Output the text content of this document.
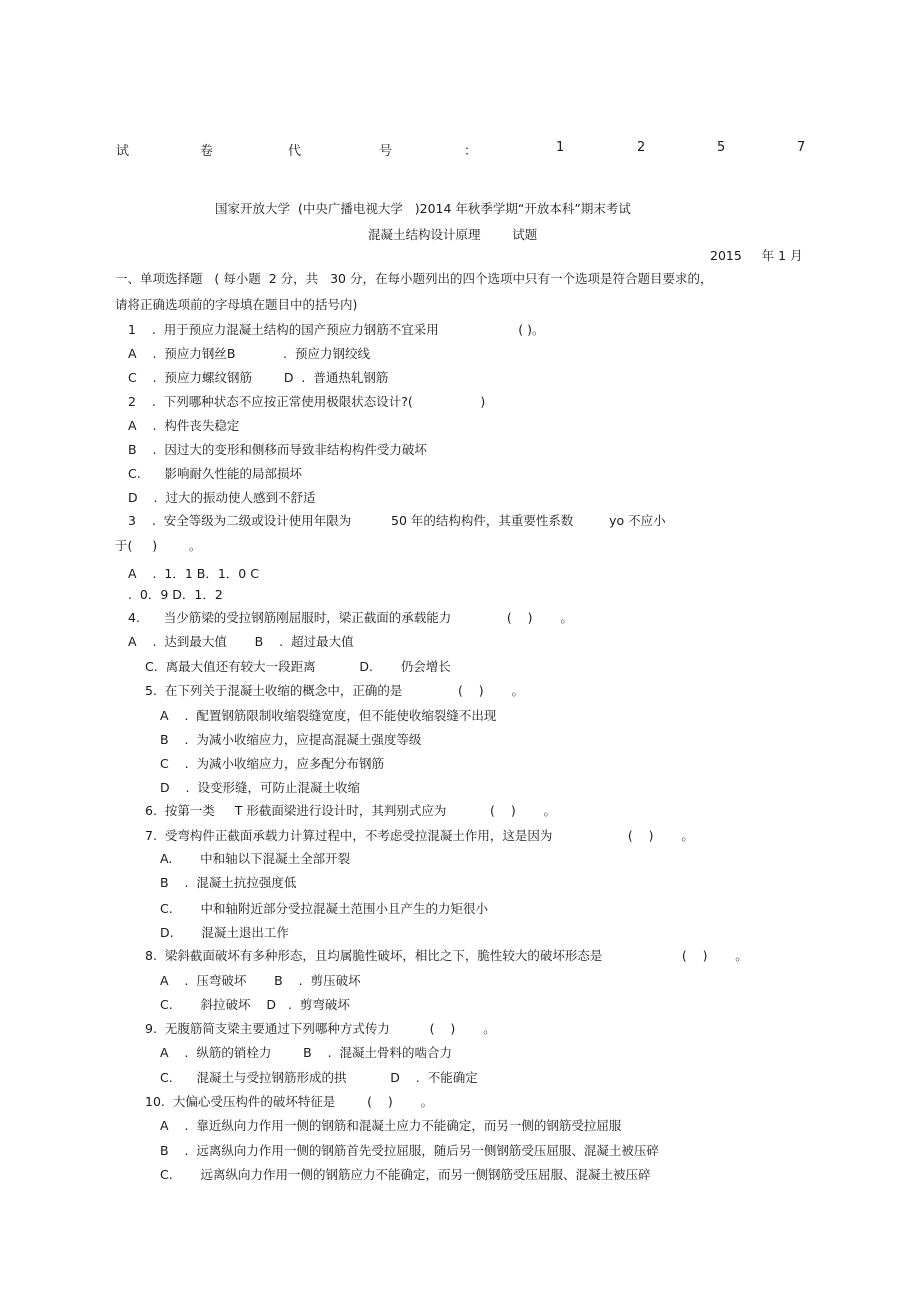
试	卷	代	号	：	1	2	5	7
国家开放大学  (中央广播电视大学   )2014 年秋季学期“开放本科”期末考试
混凝土结构设计原理        试题
2015     年 1 月
一、单项选择题   ( 每小题  2 分，共   30 分，在每小题列出的四个选项中只有一个选项是符合题目要求的，
请将正确选项前的字母填在题目中的括号内)
1    .  用于预应力混凝土结构的国产预应力钢筋不宜采用                    ( )。
A    .  预应力钢丝B            .  预应力钢绞线
C    .  预应力螺纹钢筋        D  .  普通热轧钢筋
2    .  下列哪种状态不应按正常使用极限状态设计?(                 )
A    .  构件丧失稳定
B    .  因过大的变形和侧移而导致非结构构件受力破坏
C.      影响耐久性能的局部损坏
D    .  过大的振动使人感到不舒适
3    .  安全等级为二级或设计使用年限为          50 年的结构构件，其重要性系数         yo 不应小
于(     )        。
A    .  1．1 B．1．0 C
.  0．9 D．1．2
4.      当少筋梁的受拉钢筋刚屈服时，梁正截面的承载能力              (    )       。
A    .  达到最大值       B    .  超过最大值
C.  离最大值还有较大一段距离           D.       仍会增长
5.  在下列关于混凝土收缩的概念中，正确的是              (    )       。
A    .  配置钢筋限制收缩裂缝宽度，但不能使收缩裂缝不出现
B    .  为减小收缩应力，应提高混凝土强度等级
C    .  为减小收缩应力，应多配分布钢筋
D    .  设变形缝，可防止混凝土收缩
6.  按第一类     T 形截面梁进行设计时，其判别式应为           (    )       。
7.  受弯构件正截面承载力计算过程中，不考虑受拉混凝土作用，这是因为                   (    )       。
A.       中和轴以下混凝土全部开裂
B    .  混凝土抗拉强度低
C.       中和轴附近部分受拉混凝土范围小且产生的力矩很小
D.       混凝土退出工作
8.  梁斜截面破坏有多种形态，且均属脆性破坏，相比之下，脆性较大的破坏形态是                    (    )       。
A    .  压弯破坏       B    .  剪压破坏
C.       斜拉破坏    D   .  剪弯破坏
9.  无腹筋简支梁主要通过下列哪种方式传力          (    )       。
A    .  纵筋的销栓力        B    .  混凝土骨料的啮合力
C.      混凝土与受拉钢筋形成的拱           D    .  不能确定
10.  大偏心受压构件的破坏特征是        (    )       。
A    .  靠近纵向力作用一侧的钢筋和混凝土应力不能确定，而另一侧的钢筋受拉屈服
B    .  远离纵向力作用一侧的钢筋首先受拉屈服，随后另一侧钢筋受压屈服、混凝土被压碎
C.       远离纵向力作用一侧的钢筋应力不能确定，而另一侧钢筋受压屈服、混凝土被压碎
